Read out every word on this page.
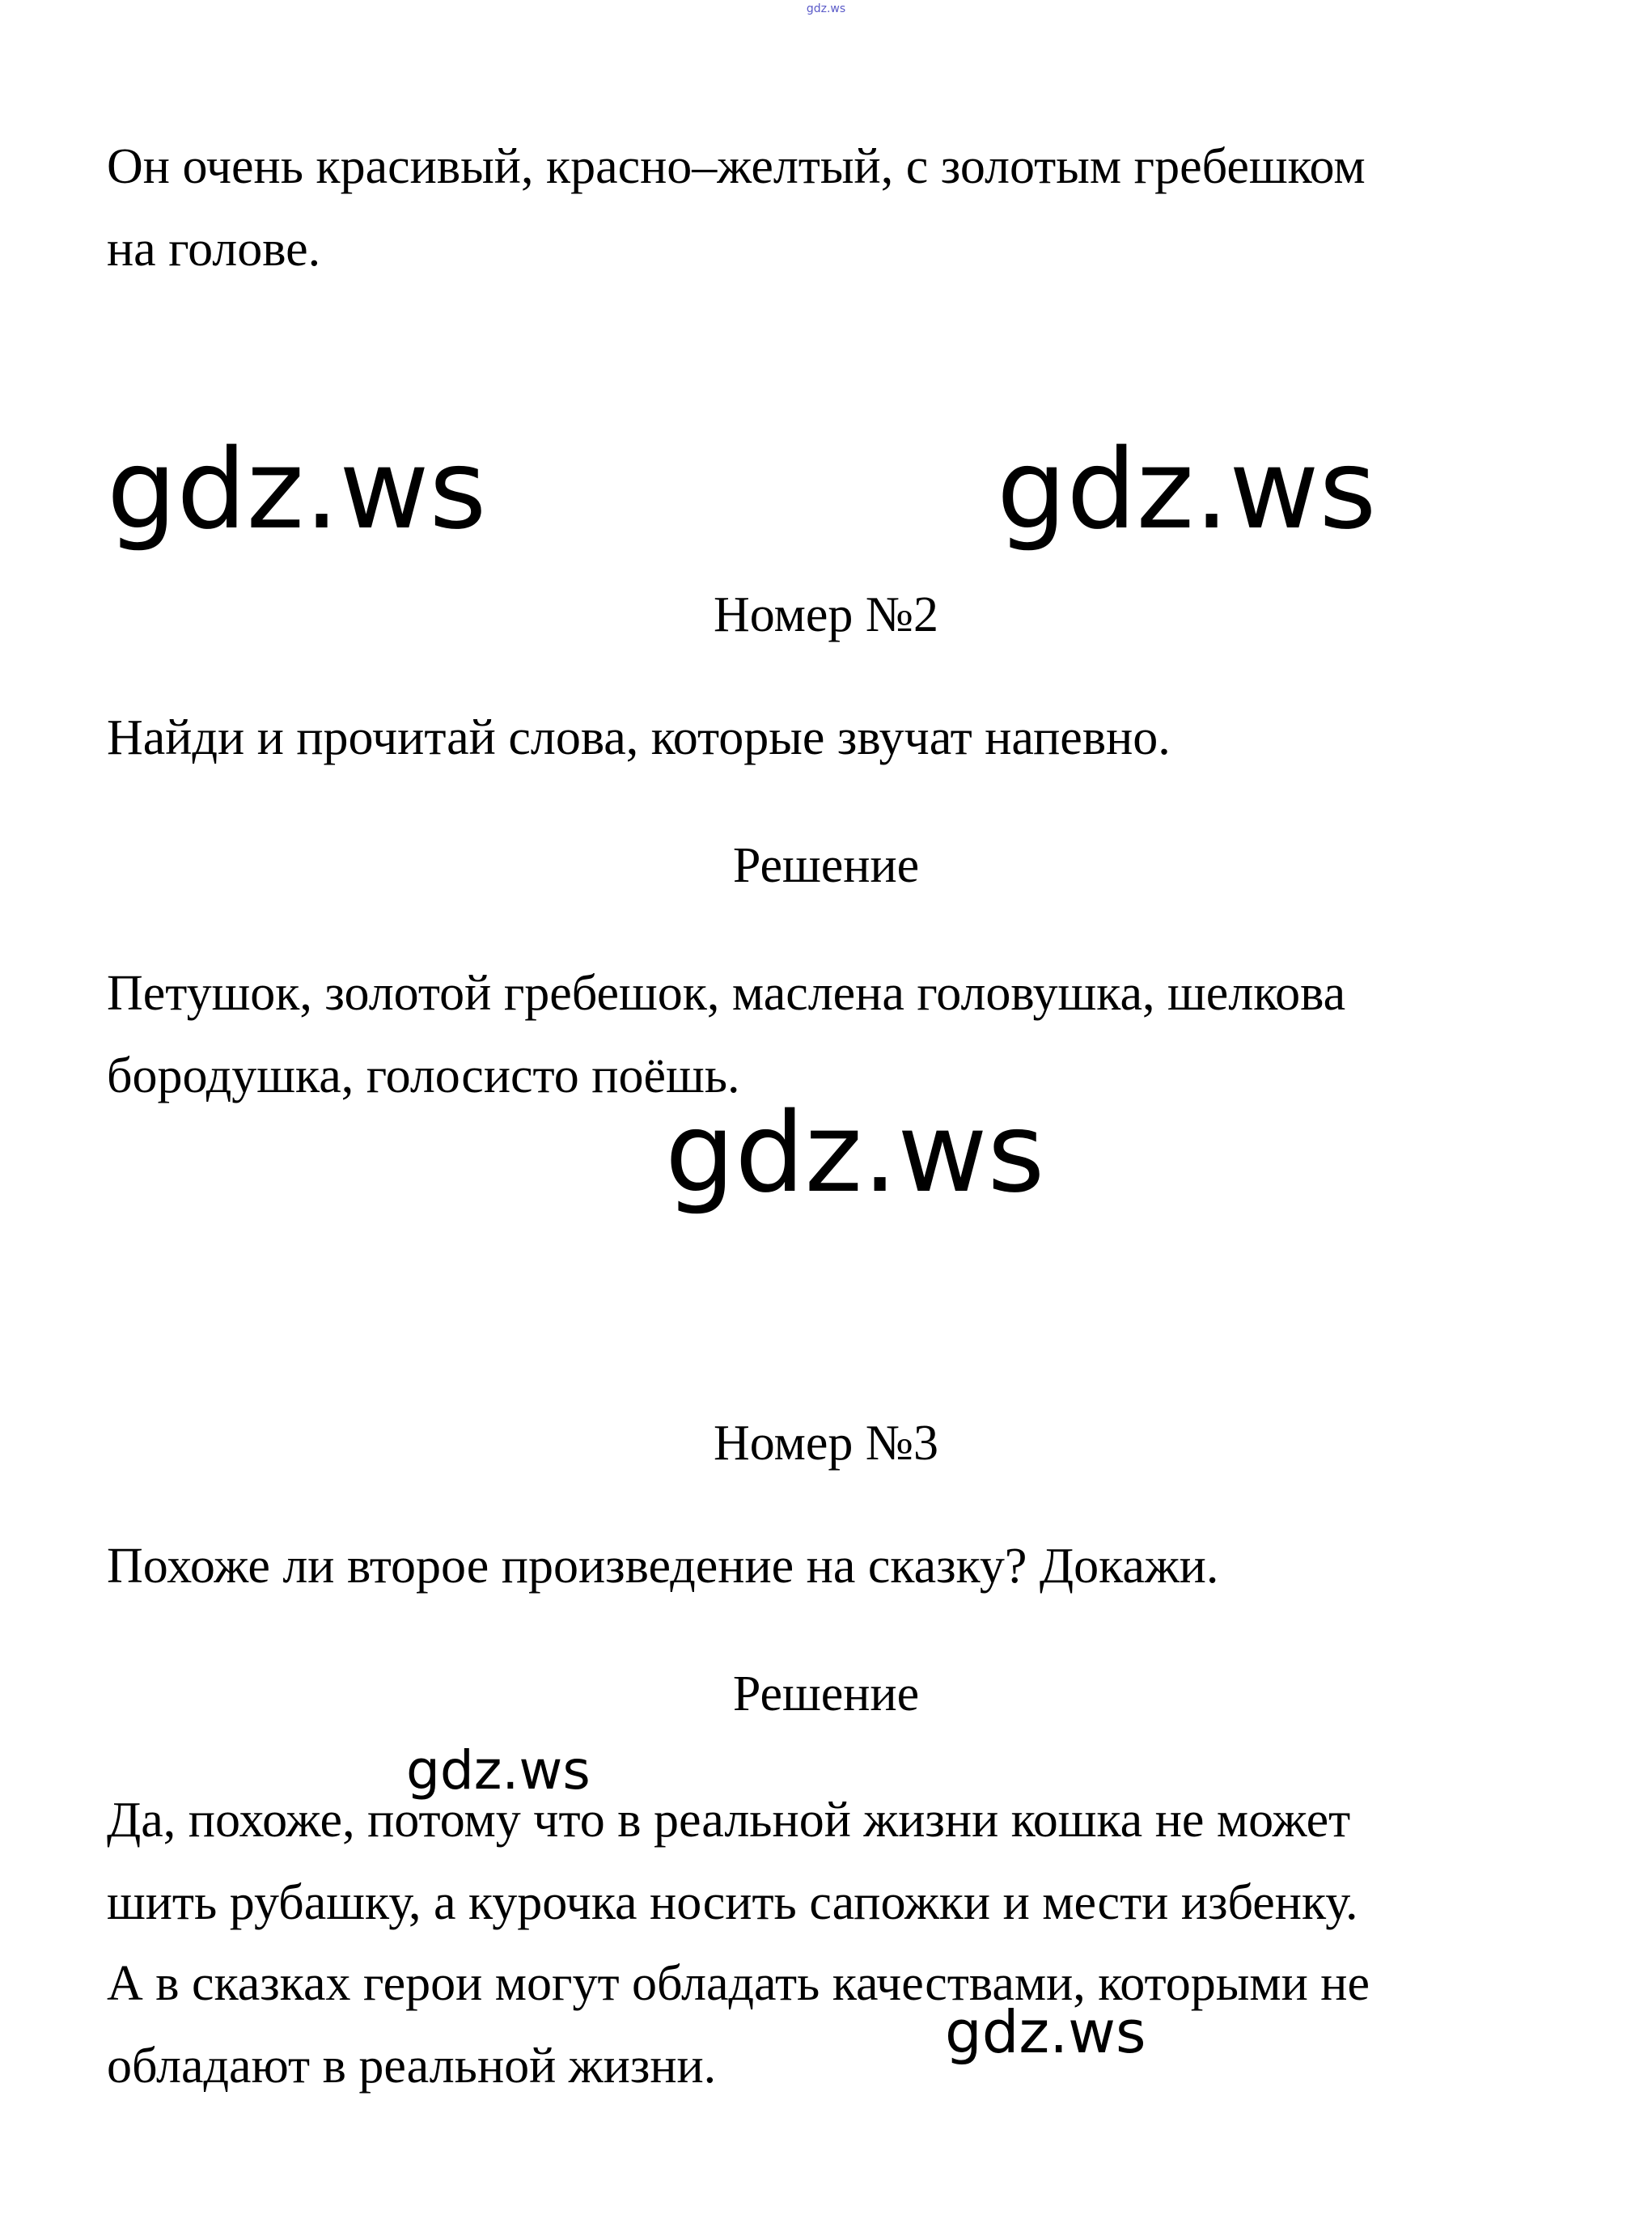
gdz.ws
Он очень красивый, красно–желтый, с золотым гребешком
на голове.
gdz.ws	gdz.ws
Номер №2
Найди и прочитай слова, которые звучат напевно.
Решение
Петушок, золотой гребешок, маслена головушка, шелкова
бородушка, голосисто поёшь.
gdz.ws
Номер №3
Похоже ли второе произведение на сказку? Докажи.
Решение
gdz.ws
Да, похоже, потому что в реальной жизни кошка не может
шить рубашку, а курочка носить сапожки и мести избенку.
А в сказках герои могут обладать качествами, которыми не
gdz.ws
обладают в реальной жизни.
